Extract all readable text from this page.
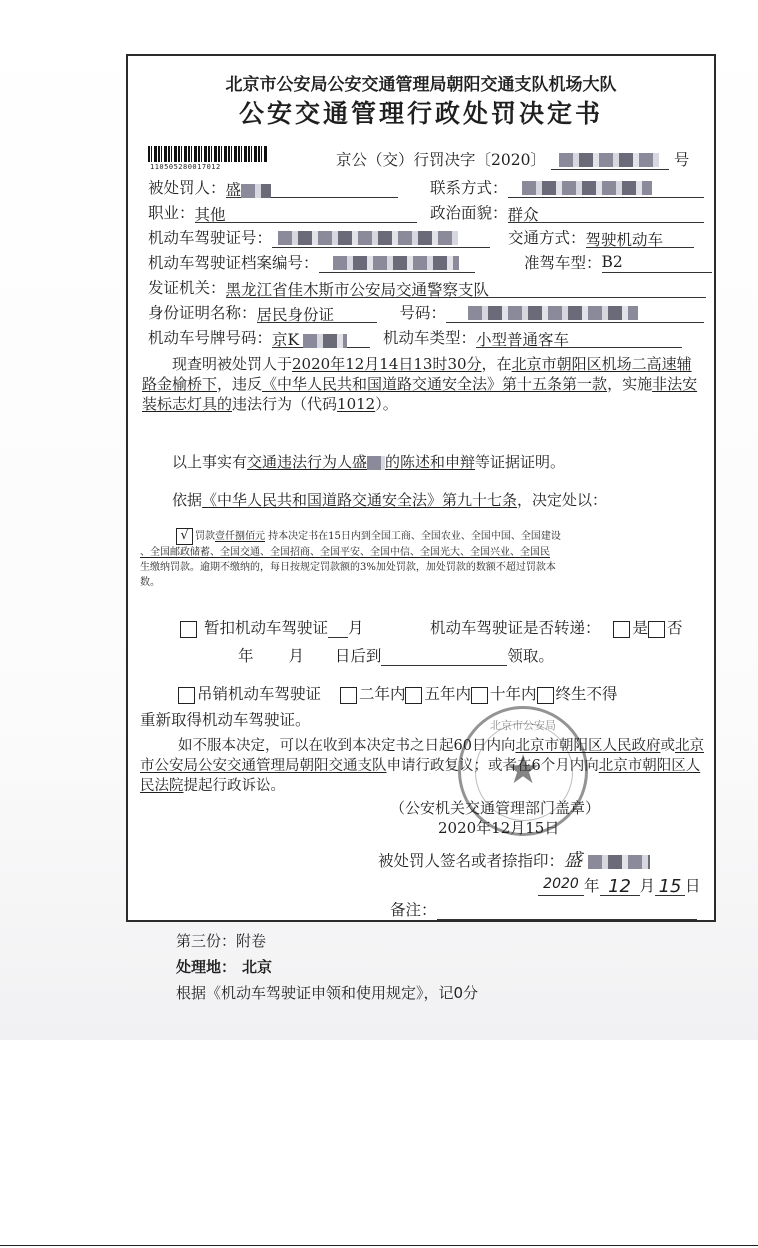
北京市公安局公安交通管理局朝阳交通支队机场大队
公安交通管理行政处罚决定书
110505280017012	京公（交）行罚决字〔2020〕	号
被处罚人：盛	联系方式：
职业：其他	政治面貌：群众
机动车驾驶证号：	交通方式：驾驶机动车
机动车驾驶证档案编号：	准驾车型：B2
发证机关：黑龙江省佳木斯市公安局交通警察支队
身份证明名称：居民身份证	号码：
机动车号牌号码：京K	机动车类型：小型普通客车
现查明被处罚人于2020年12月14日13时30分，在北京市朝阳区机场二高速辅路金榆桥下，违反《中华人民共和国道路交通安全法》第十五条第一款，实施非法安装标志灯具的违法行为（代码1012）。
以上事实有交通违法行为人盛 的陈述和申辩等证据证明。
依据《中华人民共和国道路交通安全法》第九十七条，决定处以：
√ 罚款壹仟捌佰元 持本决定书在15日内到全国工商、全国农业、全国中国、全国建设
、全国邮政储蓄、全国交通、全国招商、全国平安、全国中信、全国光大、全国兴业、全国民
生缴纳罚款。逾期不缴纳的，每日按规定罚款额的3%加处罚款，加处罚款的数额不超过罚款本
数。
暂扣机动车驾驶证 月	机动车驾驶证是否转递： 是 否
年 月 日后到	领取。
吊销机动车驾驶证 二年内 五年内 十年内 终生不得
重新取得机动车驾驶证。	北京市公安局
★
如不服本决定，可以在收到本决定书之日起60日内向北京市朝阳区人民政府或北京市公安局公安交通管理局朝阳交通支队申请行政复议；或者在6个月内向北京市朝阳区人民法院提起行政诉讼。
（公安机关交通管理部门盖章）
2020年12月15日
被处罚人签名或者捺指印：盛
2020 年 12 月 15 日
备注：
第三份：附卷
处理地： 北京
根据《机动车驾驶证申领和使用规定》，记0分
